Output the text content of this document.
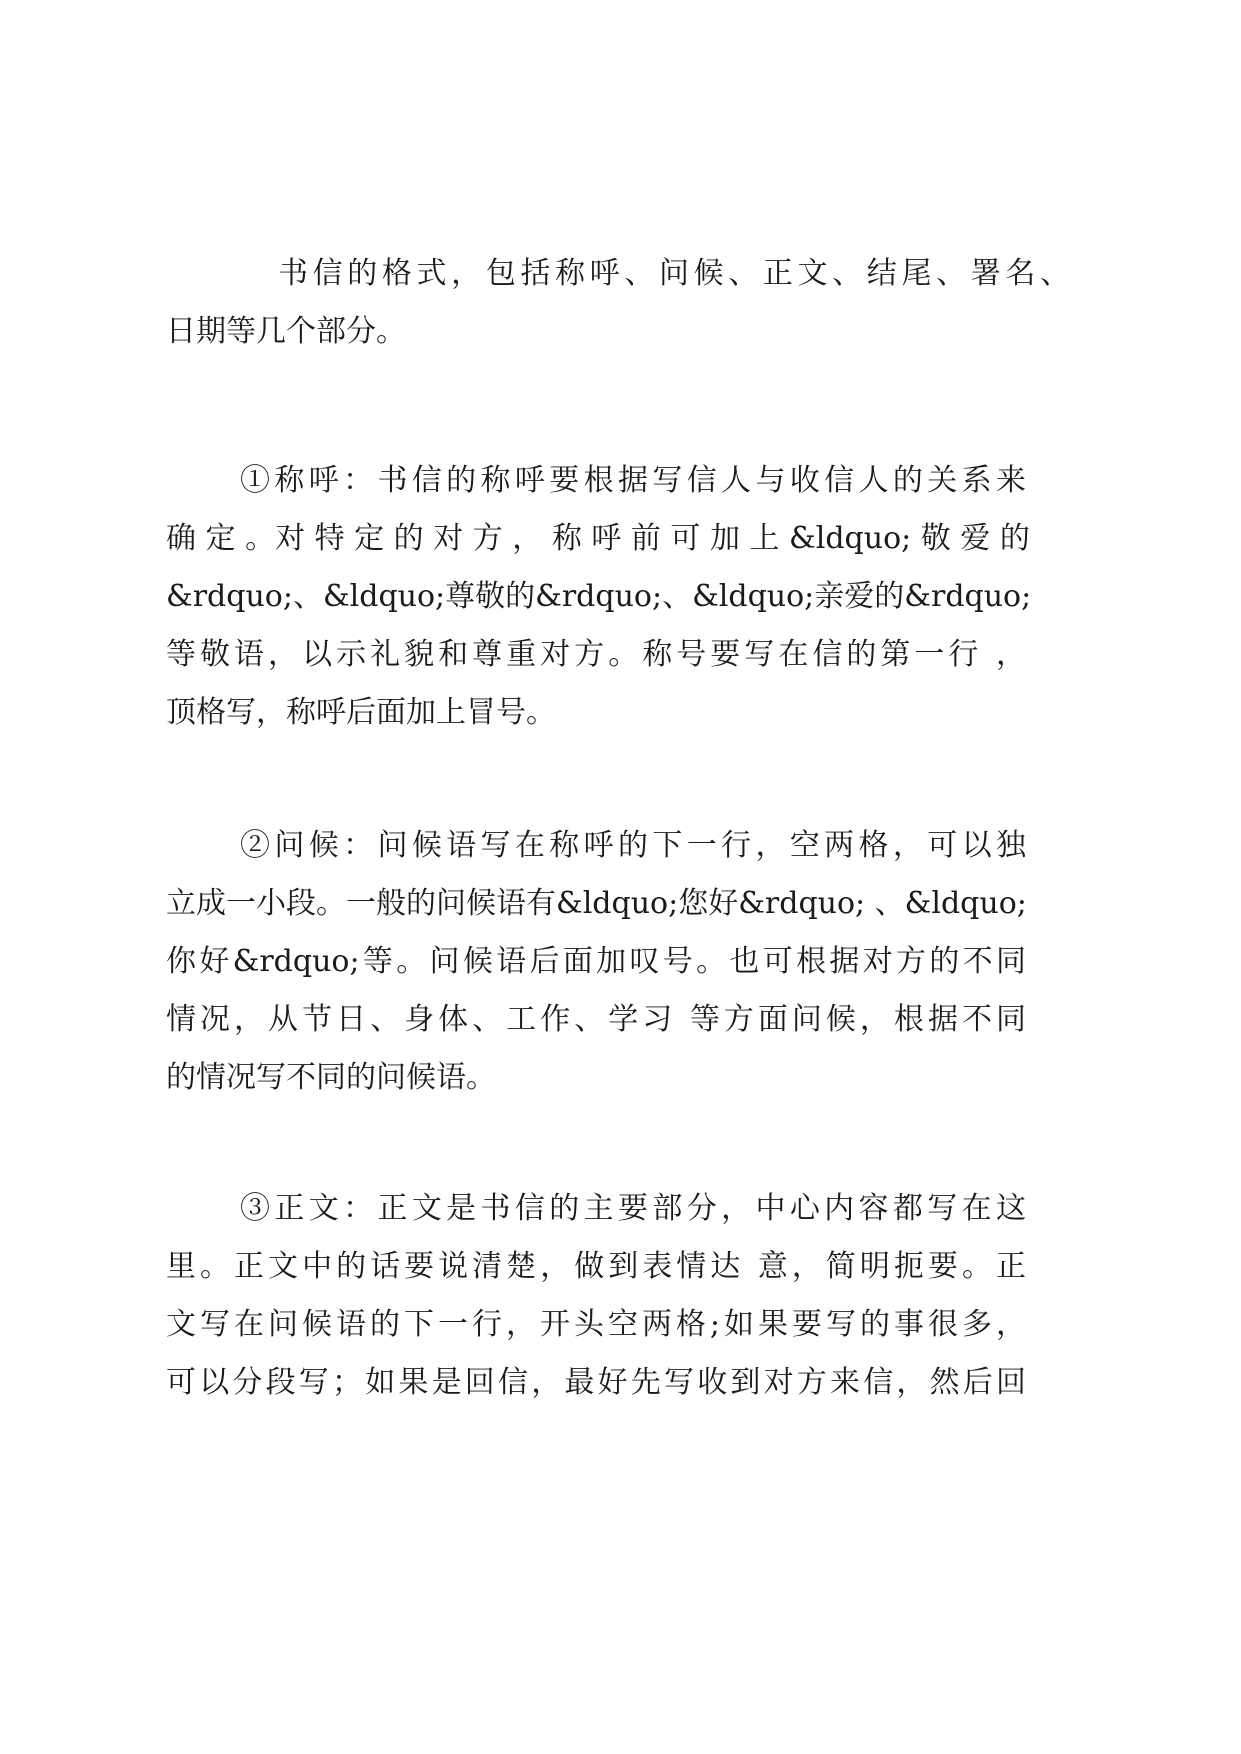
书信的格式，包括称呼、问候、正文、结尾、署名、
日期等几个部分。
①称呼：书信的称呼要根据写信人与收信人的关系来
确 定 。对 特 定 的 对 方 ， 称 呼 前 可 加 上 &ldquo; 敬 爱 的
&rdquo;、&ldquo;尊敬的&rdquo;、&ldquo;亲爱的&rdquo;
等敬语，以示礼貌和尊重对方。称号要写在信的第一行 ，
顶格写，称呼后面加上冒号。
②问候：问候语写在称呼的下一行，空两格，可以独
立成一小段。一般的问候语有&ldquo;您好&rdquo; 、&ldquo;
你好&rdquo;等。问候语后面加叹号。也可根据对方的不同
情况，从节日、身体、工作、学习 等方面问候，根据不同
的情况写不同的问候语。
③正文：正文是书信的主要部分，中心内容都写在这
里。正文中的话要说清楚，做到表情达 意，简明扼要。正
文写在问候语的下一行，开头空两格;如果要写的事很多，
可以分段写；如果是回信，最好先写收到对方来信，然后回
